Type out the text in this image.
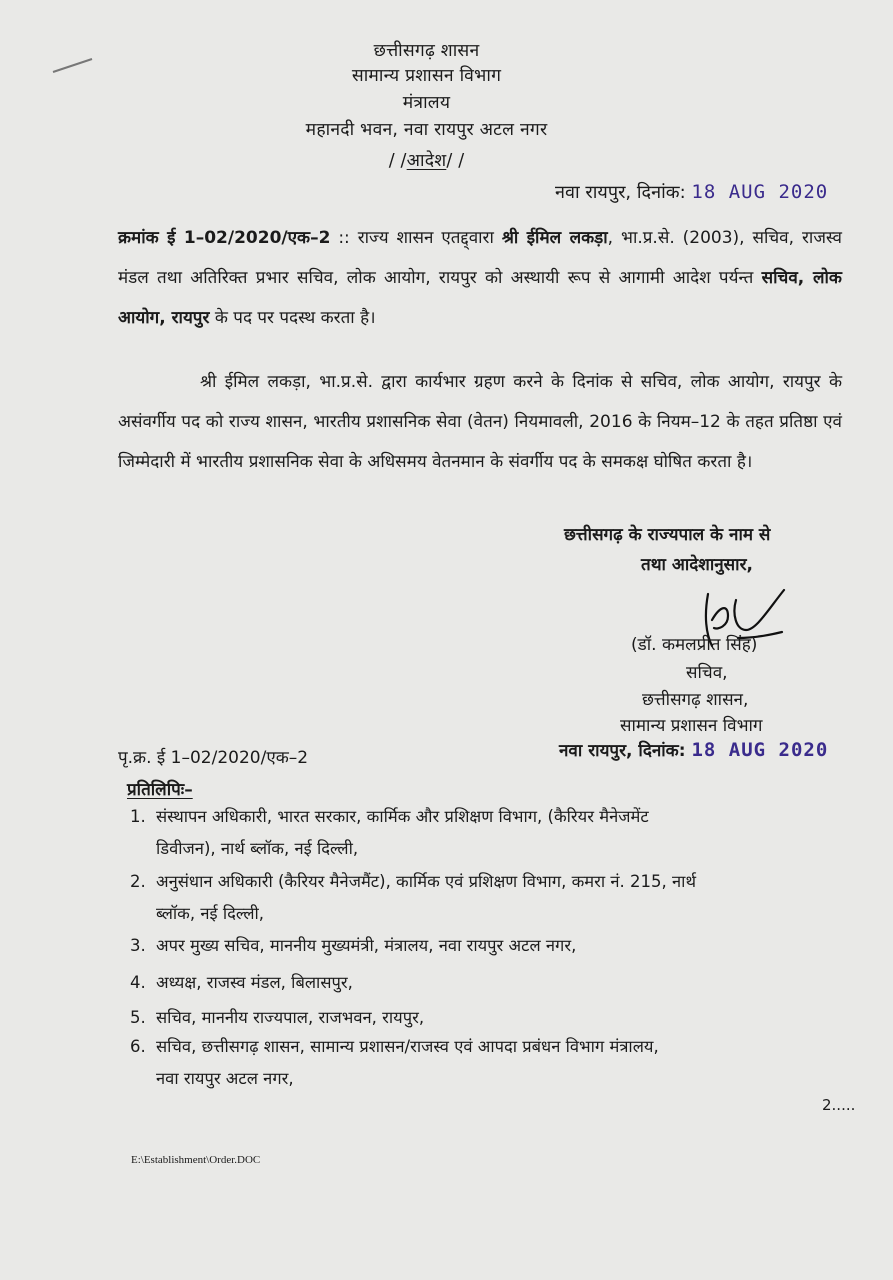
छत्तीसगढ़ शासन
सामान्य प्रशासन विभाग
मंत्रालय
महानदी भवन, नवा रायपुर अटल नगर
/ /आदेश/ /
नवा रायपुर, दिनांक: 18 AUG 2020
क्रमांक ई 1–02/2020/एक–2 :: राज्य शासन एतद्द्वारा श्री ईमिल लकड़ा, भा.प्र.से. (2003), सचिव, राजस्व मंडल तथा अतिरिक्त प्रभार सचिव, लोक आयोग, रायपुर को अस्थायी रूप से आगामी आदेश पर्यन्त सचिव, लोक आयोग, रायपुर के पद पर पदस्थ करता है।
श्री ईमिल लकड़ा, भा.प्र.से. द्वारा कार्यभार ग्रहण करने के दिनांक से सचिव, लोक आयोग, रायपुर के असंवर्गीय पद को राज्य शासन, भारतीय प्रशासनिक सेवा (वेतन) नियमावली, 2016 के नियम–12 के तहत प्रतिष्ठा एवं जिम्मेदारी में भारतीय प्रशासनिक सेवा के अधिसमय वेतनमान के संवर्गीय पद के समकक्ष घोषित करता है।
छत्तीसगढ़ के राज्यपाल के नाम से
तथा आदेशानुसार,
(डॉ. कमलप्रीत सिंह)
सचिव,
छत्तीसगढ़ शासन,
सामान्य प्रशासन विभाग
नवा रायपुर, दिनांक: 18 AUG 2020
पृ.क्र. ई 1–02/2020/एक–2
प्रतिलिपिः–
1. संस्थापन अधिकारी, भारत सरकार, कार्मिक और प्रशिक्षण विभाग, (कैरियर मैनेजमेंट
डिवीजन), नार्थ ब्लॉक, नई दिल्ली,
2. अनुसंधान अधिकारी (कैरियर मैनेजमैंट), कार्मिक एवं प्रशिक्षण विभाग, कमरा नं. 215, नार्थ
ब्लॉक, नई दिल्ली,
3. अपर मुख्य सचिव, माननीय मुख्यमंत्री, मंत्रालय, नवा रायपुर अटल नगर,
4. अध्यक्ष, राजस्व मंडल, बिलासपुर,
5. सचिव, माननीय राज्यपाल, राजभवन, रायपुर,
6. सचिव, छत्तीसगढ़ शासन, सामान्य प्रशासन/राजस्व एवं आपदा प्रबंधन विभाग मंत्रालय,
नवा रायपुर अटल नगर,
2.....
E:\Establishment\Order.DOC
